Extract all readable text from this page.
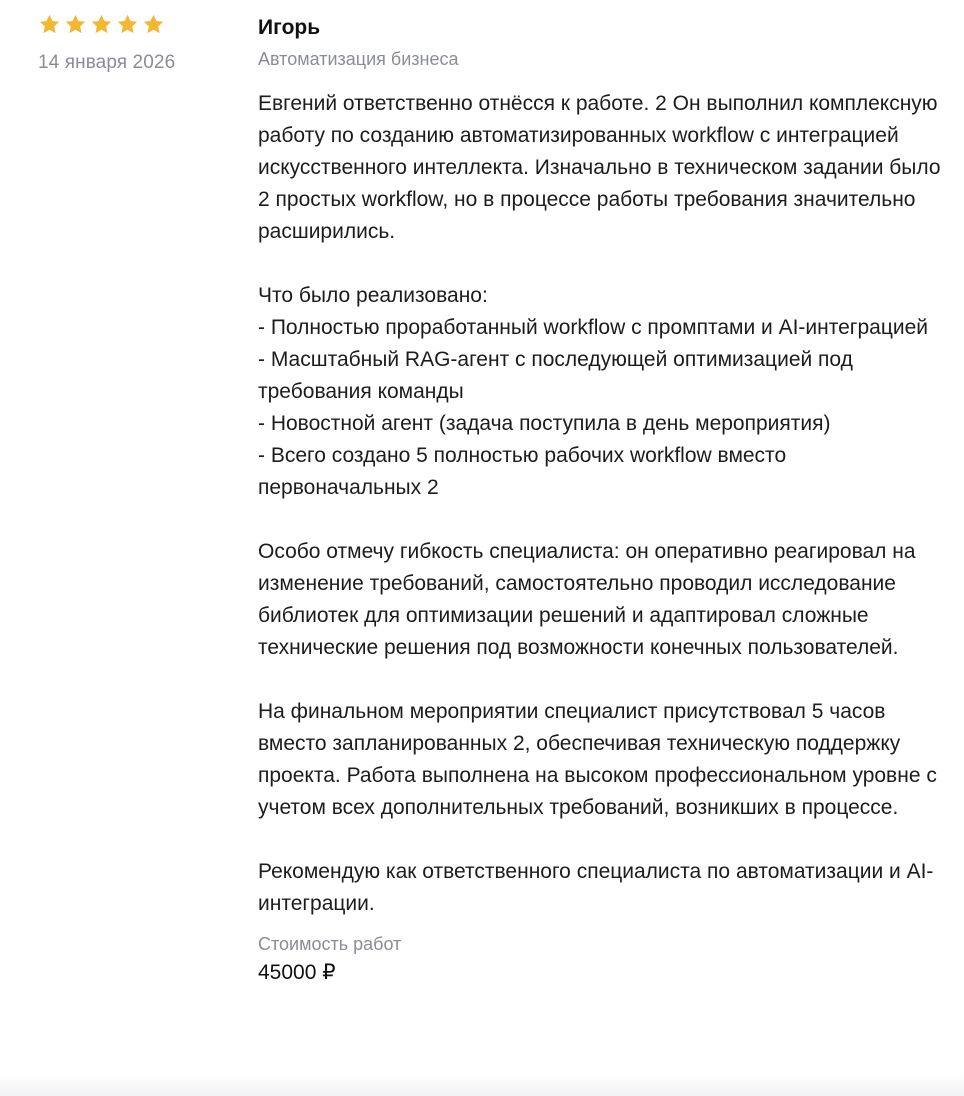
14 января 2026
Игорь
Автоматизация бизнеса

Евгений ответственно отнёсся к работе. 2 Он выполнил комплексную работу по созданию автоматизированных workflow с интеграцией искусственного интеллекта. Изначально в техническом задании было 2 простых workflow, но в процессе работы требования значительно расширились.

Что было реализовано:
- Полностью проработанный workflow с промптами и AI-интеграцией
- Масштабный RAG-агент с последующей оптимизацией под требования команды
- Новостной агент (задача поступила в день мероприятия)
- Всего создано 5 полностью рабочих workflow вместо первоначальных 2

Особо отмечу гибкость специалиста: он оперативно реагировал на изменение требований, самостоятельно проводил исследование библиотек для оптимизации решений и адаптировал сложные технические решения под возможности конечных пользователей.

На финальном мероприятии специалист присутствовал 5 часов вместо запланированных 2, обеспечивая техническую поддержку проекта. Работа выполнена на высоком профессиональном уровне с учетом всех дополнительных требований, возникших в процессе.

Рекомендую как ответственного специалиста по автоматизации и AI-интеграции.

Стоимость работ
45000 ₽
